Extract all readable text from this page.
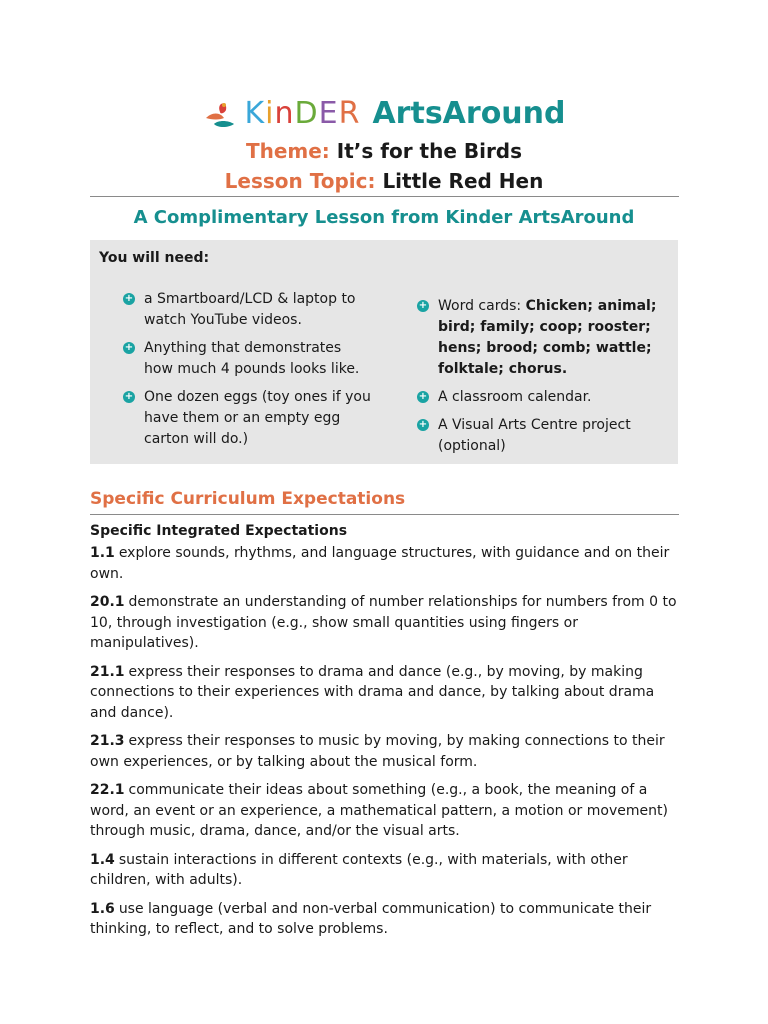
KinDER ArtsAround
Theme: It’s for the Birds
Lesson Topic: Little Red Hen
A Complimentary Lesson from Kinder ArtsAround
You will need:
+ a Smartboard/LCD & laptop to watch YouTube videos.
+ Anything that demonstrates how much 4 pounds looks like.
+ One dozen eggs (toy ones if you have them or an empty egg carton will do.)
+ Word cards: Chicken; animal; bird; family; coop; rooster; hens; brood; comb; wattle; folktale; chorus.
+ A classroom calendar.
+ A Visual Arts Centre project (optional)
Specific Curriculum Expectations
Specific Integrated Expectations
1.1 explore sounds, rhythms, and language structures, with guidance and on their own.
20.1 demonstrate an understanding of number relationships for numbers from 0 to 10, through investigation (e.g., show small quantities using fingers or manipulatives).
21.1 express their responses to drama and dance (e.g., by moving, by making connections to their experiences with drama and dance, by talking about drama and dance).
21.3 express their responses to music by moving, by making connections to their own experiences, or by talking about the musical form.
22.1 communicate their ideas about something (e.g., a book, the meaning of a word, an event or an experience, a mathematical pattern, a motion or movement) through music, drama, dance, and/or the visual arts.
1.4 sustain interactions in different contexts (e.g., with materials, with other children, with adults).
1.6 use language (verbal and non-verbal communication) to communicate their thinking, to reflect, and to solve problems.
